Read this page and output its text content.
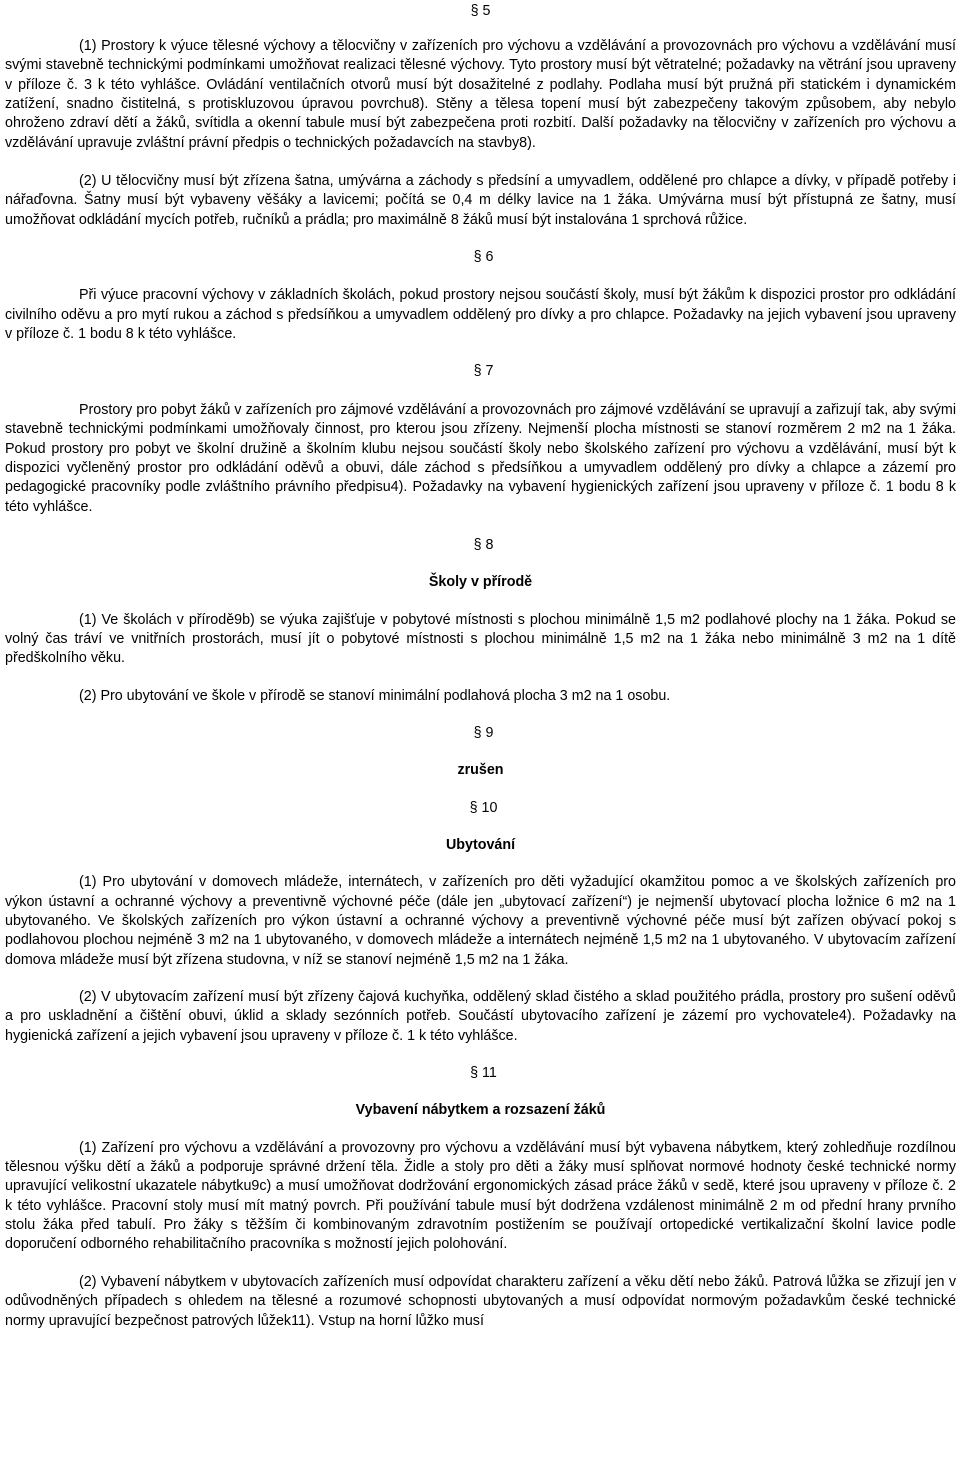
§ 5

(1) Prostory k výuce tělesné výchovy a tělocvičny v zařízeních pro výchovu a vzdělávání a provozovnách pro výchovu a vzdělávání musí svými stavebně technickými podmínkami umožňovat realizaci tělesné výchovy. Tyto prostory musí být větratelné; požadavky na větrání jsou upraveny v příloze č. 3 k této vyhlášce. Ovládání ventilačních otvorů musí být dosažitelné z podlahy. Podlaha musí být pružná při statickém i dynamickém zatížení, snadno čistitelná, s protiskluzovou úpravou povrchu8). Stěny a tělesa topení musí být zabezpečeny takovým způsobem, aby nebylo ohroženo zdraví dětí a žáků, svítidla a okenní tabule musí být zabezpečena proti rozbití. Další požadavky na tělocvičny v zařízeních pro výchovu a vzdělávání upravuje zvláštní právní předpis o technických požadavcích na stavby8).

(2) U tělocvičny musí být zřízena šatna, umývárna a záchody s předsíní a umyvadlem, oddělené pro chlapce a dívky, v případě potřeby i nářaďovna. Šatny musí být vybaveny věšáky a lavicemi; počítá se 0,4 m délky lavice na 1 žáka. Umývárna musí být přístupná ze šatny, musí umožňovat odkládání mycích potřeb, ručníků a prádla; pro maximálně 8 žáků musí být instalována 1 sprchová růžice.

§ 6

Při výuce pracovní výchovy v základních školách, pokud prostory nejsou součástí školy, musí být žákům k dispozici prostor pro odkládání civilního oděvu a pro mytí rukou a záchod s předsíňkou a umyvadlem oddělený pro dívky a pro chlapce. Požadavky na jejich vybavení jsou upraveny v příloze č. 1 bodu 8 k této vyhlášce.

§ 7

Prostory pro pobyt žáků v zařízeních pro zájmové vzdělávání a provozovnách pro zájmové vzdělávání se upravují a zařizují tak, aby svými stavebně technickými podmínkami umožňovaly činnost, pro kterou jsou zřízeny. Nejmenší plocha místnosti se stanoví rozměrem 2 m2 na 1 žáka. Pokud prostory pro pobyt ve školní družině a školním klubu nejsou součástí školy nebo školského zařízení pro výchovu a vzdělávání, musí být k dispozici vyčleněný prostor pro odkládání oděvů a obuvi, dále záchod s předsíňkou a umyvadlem oddělený pro dívky a chlapce a zázemí pro pedagogické pracovníky podle zvláštního právního předpisu4). Požadavky na vybavení hygienických zařízení jsou upraveny v příloze č. 1 bodu 8 k této vyhlášce.

§ 8
Školy v přírodě

(1) Ve školách v přírodě9b) se výuka zajišťuje v pobytové místnosti s plochou minimálně 1,5 m2 podlahové plochy na 1 žáka. Pokud se volný čas tráví ve vnitřních prostorách, musí jít o pobytové místnosti s plochou minimálně 1,5 m2 na 1 žáka nebo minimálně 3 m2 na 1 dítě předškolního věku.

(2) Pro ubytování ve škole v přírodě se stanoví minimální podlahová plocha 3 m2 na 1 osobu.

§ 9
zrušen
§ 10
Ubytování

(1) Pro ubytování v domovech mládeže, internátech, v zařízeních pro děti vyžadující okamžitou pomoc a ve školských zařízeních pro výkon ústavní a ochranné výchovy a preventivně výchovné péče (dále jen „ubytovací zařízení“) je nejmenší ubytovací plocha ložnice 6 m2 na 1 ubytovaného. Ve školských zařízeních pro výkon ústavní a ochranné výchovy a preventivně výchovné péče musí být zařízen obývací pokoj s podlahovou plochou nejméně 3 m2 na 1 ubytovaného, v domovech mládeže a internátech nejméně 1,5 m2 na 1 ubytovaného. V ubytovacím zařízení domova mládeže musí být zřízena studovna, v níž se stanoví nejméně 1,5 m2 na 1 žáka.

(2) V ubytovacím zařízení musí být zřízeny čajová kuchyňka, oddělený sklad čistého a sklad použitého prádla, prostory pro sušení oděvů a pro uskladnění a čištění obuvi, úklid a sklady sezónních potřeb. Součástí ubytovacího zařízení je zázemí pro vychovatele4). Požadavky na hygienická zařízení a jejich vybavení jsou upraveny v příloze č. 1 k této vyhlášce.

§ 11
Vybavení nábytkem a rozsazení žáků

(1) Zařízení pro výchovu a vzdělávání a provozovny pro výchovu a vzdělávání musí být vybavena nábytkem, který zohledňuje rozdílnou tělesnou výšku dětí a žáků a podporuje správné držení těla. Židle a stoly pro děti a žáky musí splňovat normové hodnoty české technické normy upravující velikostní ukazatele nábytku9c) a musí umožňovat dodržování ergonomických zásad práce žáků v sedě, které jsou upraveny v příloze č. 2 k této vyhlášce. Pracovní stoly musí mít matný povrch. Při používání tabule musí být dodržena vzdálenost minimálně 2 m od přední hrany prvního stolu žáka před tabulí. Pro žáky s těžším či kombinovaným zdravotním postižením se používají ortopedické vertikalizační školní lavice podle doporučení odborného rehabilitačního pracovníka s možností jejich polohování.

(2) Vybavení nábytkem v ubytovacích zařízeních musí odpovídat charakteru zařízení a věku dětí nebo žáků. Patrová lůžka se zřizují jen v odůvodněných případech s ohledem na tělesné a rozumové schopnosti ubytovaných a musí odpovídat normovým požadavkům české technické normy upravující bezpečnost patrových lůžek11). Vstup na horní lůžko musí
